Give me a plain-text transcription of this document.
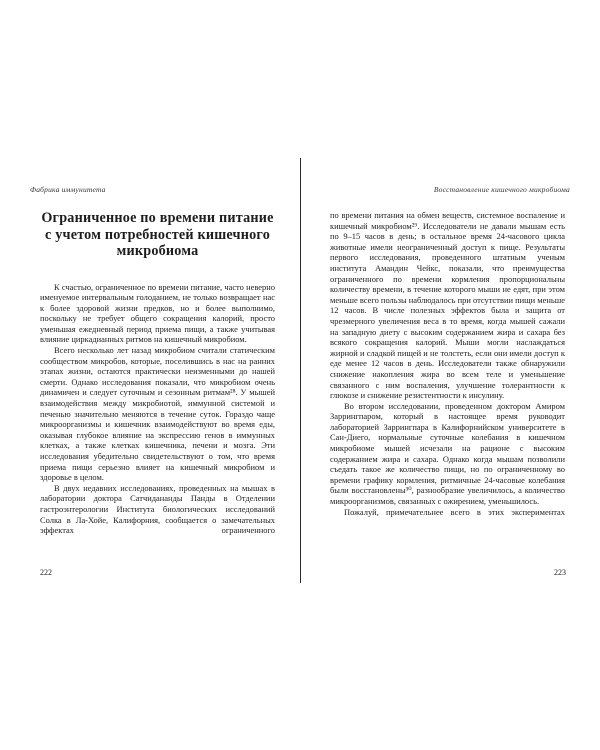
Фабрика иммунитета	Восстановление кишечного микробиома
Ограниченное по времени питание с учетом потребностей кишечного микробиома

К счастью, ограниченное по времени питание, часто неверно именуемое интервальным голоданием, не только возвращает нас к более здоровой жизни предков, но и более выполнимо, поскольку не требует общего сокращения калорий, просто уменьшая ежедневный период приема пищи, а также учитывая влияние циркадианных ритмов на кишечный микробиом.

Всего несколько лет назад микробиом считали статическим сообществом микробов, которые, поселившись в нас на ранних этапах жизни, остаются практически неизменными до нашей смерти. Однако исследования показали, что микробиом очень динамичен и следует суточным и сезонным ритмам²⁸. У мышей взаимодействия между микробиотой, иммунной системой и печенью значительно меняются в течение суток. Гораздо чаще микроорганизмы и кишечник взаимодействуют во время еды, оказывая глубокое влияние на экспрессию генов в иммунных клетках, а также клетках кишечника, печени и мозга. Эти исследования убедительно свидетельствуют о том, что время приема пищи серьезно влияет на кишечный микробиом и здоровье в целом.

В двух недавних исследованиях, проведенных на мышах в лаборатории доктора Сатчидананды Панды в Отделении гастроэнтерологии Института биологических исследований Солка в Ла-Хойе, Калифорния, сообщается о замечательных эффектах ограниченного

по времени питания на обмен веществ, системное воспаление и кишечный микробиом²⁹. Исследователи не давали мышам есть по 9–15 часов в день; в остальное время 24-часового цикла животные имели неограниченный доступ к пище. Результаты первого исследования, проведенного штатным ученым института Амандин Чейкс, показали, что преимущества ограниченного по времени кормления пропорциональны количеству времени, в течение которого мыши не едят, при этом меньше всего пользы наблюдалось при отсутствии пищи меньше 12 часов. В числе полезных эффектов была и защита от чрезмерного увеличения веса в то время, когда мышей сажали на западную диету с высоким содержанием жира и сахара без всякого сокращения калорий. Мыши могли наслаждаться жирной и сладкой пищей и не толстеть, если они имели доступ к еде менее 12 часов в день. Исследователи также обнаружили снижение накопления жира во всем теле и уменьшение связанного с ним воспаления, улучшение толерантности к глюкозе и снижение резистентности к инсулину.

Во втором исследовании, проведенном доктором Амиром Заррингпаром, который в настоящее время руководит лабораторией Заррингпара в Калифорнийском университете в Сан-Диего, нормальные суточные колебания в кишечном микробиоме мышей исчезали на рационе с высоким содержанием жира и сахара. Однако когда мышам позволили съедать такое же количество пищи, но по ограниченному во времени графику кормления, ритмичные 24-часовые колебания были восстановлены³⁰, разнообразие увеличилось, а количество микроорганизмов, связанных с ожирением, уменьшилось.

Пожалуй, примечательнее всего в этих экспериментах

222	223
